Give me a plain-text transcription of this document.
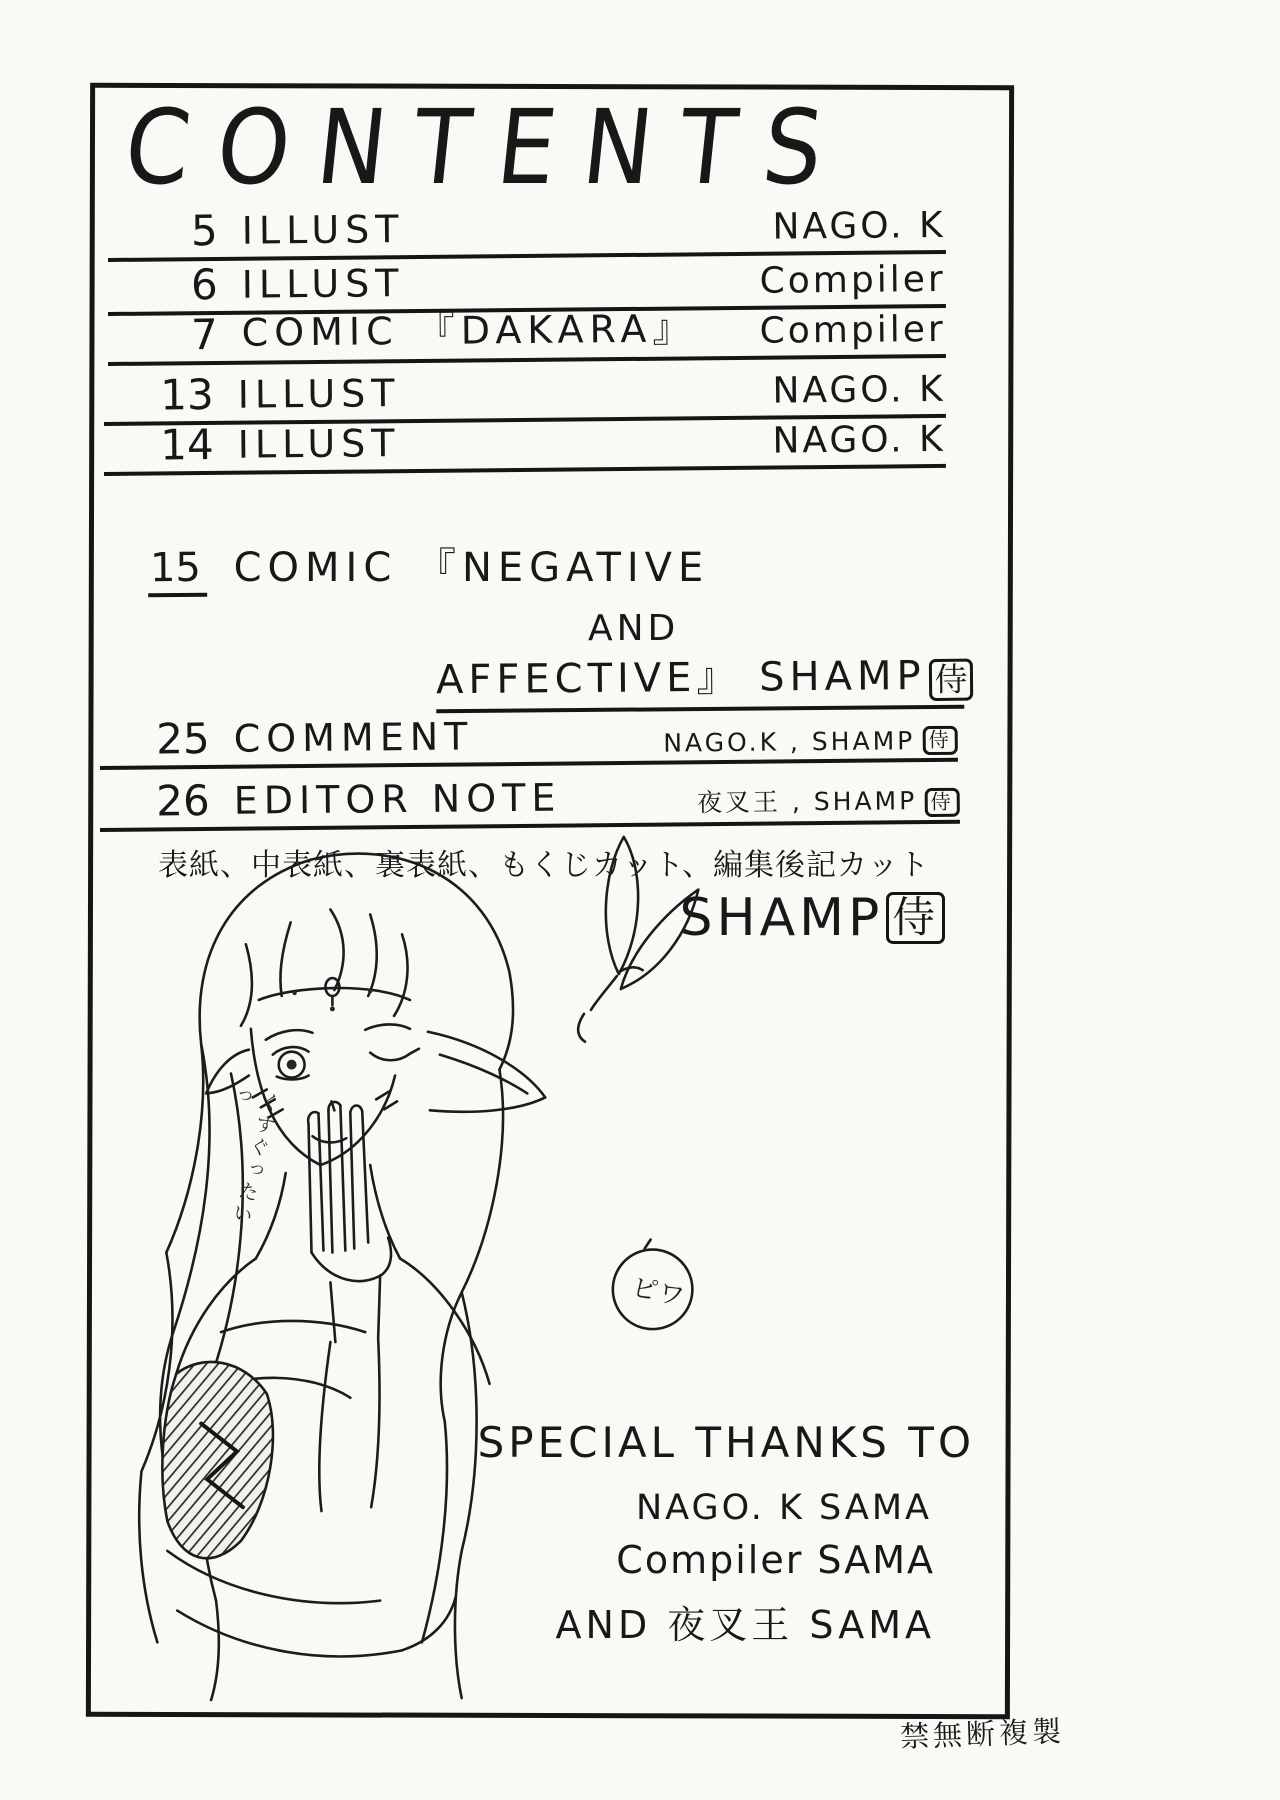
CONTENTS
5 ILLUST	NAGO. K
6 ILLUST	Compiler
7 COMIC 『DAKARA』 Compiler
13 ILLUST	NAGO. K
14 ILLUST	NAGO. K
15 COMIC 『NEGATIVE
AND
AFFECTIVE』 SHAMP 侍
25 COMMENT	NAGO.K , SHAMP 侍
26 EDITOR NOTE	夜叉王 , SHAMP 侍
表紙、中表紙、裏表紙、もくじカット、編集後記カット
SHAMP 侍
ピワ
くすぐったいっ
SPECIAL THANKS TO
NAGO. K SAMA
Compiler SAMA
AND 夜叉王 SAMA
禁無断複製
